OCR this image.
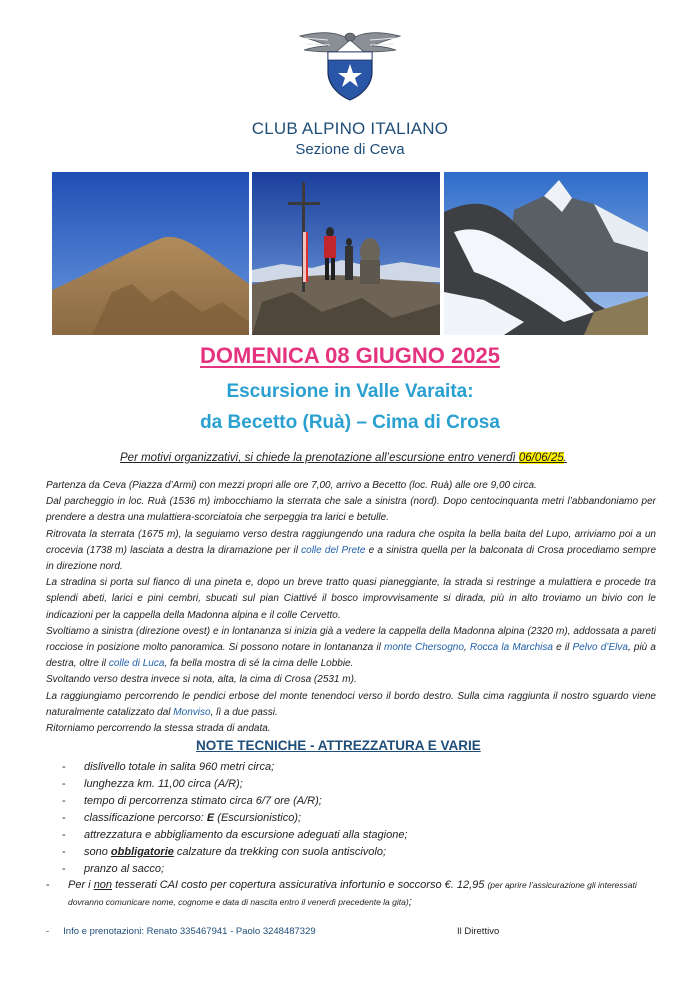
CLUB ALPINO ITALIANO
Sezione di Ceva
DOMENICA 08 GIUGNO 2025
Escursione in Valle Varaita:
da Becetto (Ruà) – Cima di Crosa
Per motivi organizzativi, si chiede la prenotazione all’escursione entro venerdì 06/06/25.

Partenza da Ceva (Piazza d’Armi) con mezzi propri alle ore 7,00, arrivo a Becetto (loc. Ruà) alle ore 9,00 circa.

Dal parcheggio in loc. Ruà (1536 m) imbocchiamo la sterrata che sale a sinistra (nord). Dopo centocinquanta metri l’abbandoniamo per prendere a destra una mulattiera-scorciatoia che serpeggia tra larici e betulle.

Ritrovata la sterrata (1675 m), la seguiamo verso destra raggiungendo una radura che ospita la bella baita del Lupo, arriviamo poi a un crocevia (1738 m) lasciata a destra la diramazione per il colle del Prete e a sinistra quella per la balconata di Crosa procediamo sempre in direzione nord.

La stradina si porta sul fianco di una pineta e, dopo un breve tratto quasi pianeggiante, la strada si restringe a mulattiera e procede tra splendi abeti, larici e pini cembri, sbucati sul pian Ciattivé il bosco improvvisamente si dirada, più in alto troviamo un bivio con le indicazioni per la cappella della Madonna alpina e il colle Cervetto.

Svoltiamo a sinistra (direzione ovest) e in lontananza si inizia già a vedere la cappella della Madonna alpina (2320 m), addossata a pareti rocciose in posizione molto panoramica. Si possono notare in lontananza il monte Chersogno, Rocca la Marchisa e il Pelvo d’Elva, più a destra, oltre il colle di Luca, fa bella mostra di sé la cima delle Lobbie.

Svoltando verso destra invece si nota, alta, la cima di Crosa (2531 m).

La raggiungiamo percorrendo le pendici erbose del monte tenendoci verso il bordo destro. Sulla cima raggiunta il nostro sguardo viene naturalmente catalizzato dal Monviso, lì a due passi.

Ritorniamo percorrendo la stessa strada di andata.

NOTE TECNICHE - ATTREZZATURA E VARIE
- dislivello totale in salita 960 metri circa;
- lunghezza km. 11,00 circa (A/R);
- tempo di percorrenza stimato circa 6/7 ore (A/R);
- classificazione percorso: E (Escursionistico);
- attrezzatura e abbigliamento da escursione adeguati alla stagione;
- sono obbligatorie calzature da trekking con suola antiscivolo;
- pranzo al sacco;
-	Per i non tesserati CAI costo per copertura assicurativa infortunio e soccorso €. 12,95 (per aprire l’assicurazione gli interessati dovranno comunicare nome, cognome e data di nascita entro il venerdì precedente la gita);
- Info e prenotazioni: Renato 335467941 - Paolo 3248487329	Il Direttivo
